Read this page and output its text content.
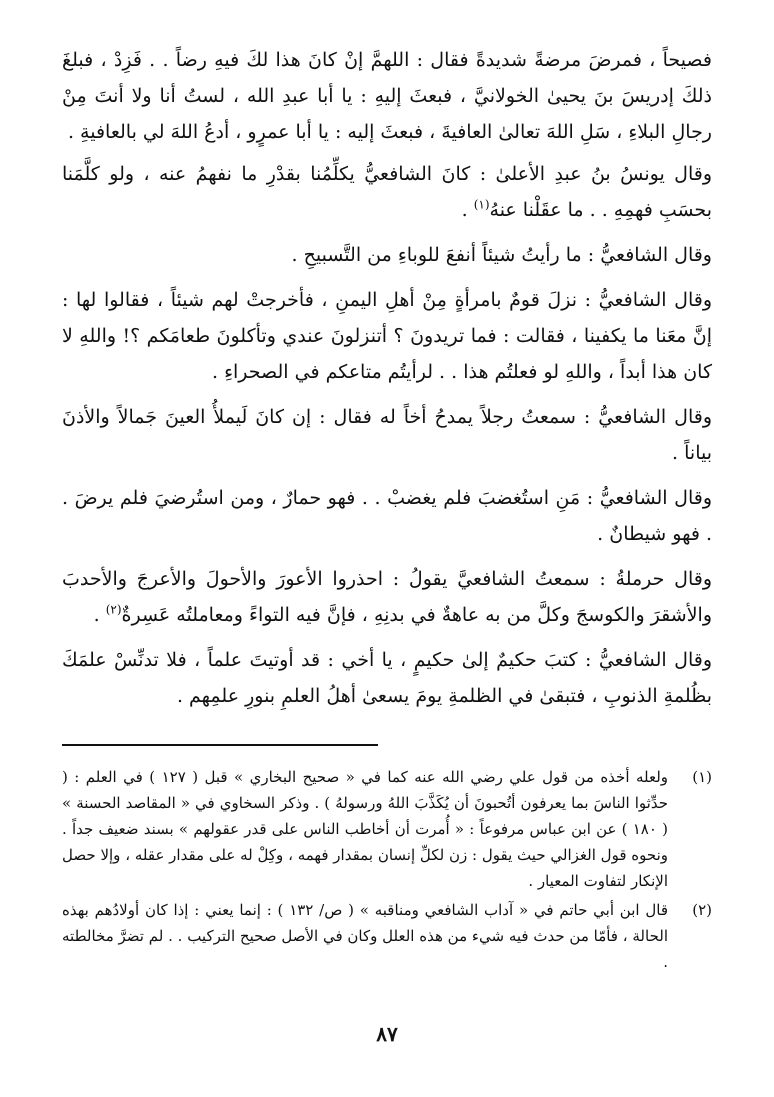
فصيحاً ، فمرضَ مرضةً شديدةً فقال : اللهمَّ إنْ كانَ هذا لكَ فيهِ رضاً . . فَزِدْ ، فبلغَ ذلكَ إدريسَ بنَ يحيىٰ الخولانيَّ ، فبعثَ إليهِ : يا أبا عبدِ الله ، لستُ أنا ولا أنتَ مِنْ رجالِ البلاءِ ، سَلِ اللهَ تعالىٰ العافيةَ ، فبعثَ إليه : يا أبا عمرٍو ، أدعُ اللهَ لي بالعافيةِ .

وقال يونسُ بنُ عبدِ الأعلىٰ : كانَ الشافعيُّ يكلِّمُنا بقدْرِ ما نفهمُ عنه ، ولو كلَّمَنا بحسَبِ فهمِهِ . . ما عقَلْنا عنهُ$^{(١)}$ .

وقال الشافعيُّ : ما رأيتُ شيئاً أنفعَ للوباءِ من التَّسبيحِ .

وقال الشافعيُّ : نزلَ قومٌ بامرأةٍ مِنْ أهلِ اليمنِ ، فأخرجتْ لهم شيئاً ، فقالوا لها : إنَّ معَنا ما يكفينا ، فقالت : فما تريدونَ ؟ أتنزلونَ عندي وتأكلونَ طعامَكم ؟! واللهِ لا كان هذا أبداً ، واللهِ لو فعلتُم هذا . . لرأيتُم متاعكم في الصحراءِ .

وقال الشافعيُّ : سمعتُ رجلاً يمدحُ أخاً له فقال : إن كانَ لَيملأُ العينَ جَمالاً والأذنَ بياناً .

وقال الشافعيُّ : مَنِ استُغضبَ فلم يغضبْ . . فهو حمارٌ ، ومن استُرضيَ فلم يرضَ . . فهو شيطانٌ .

وقال حرملةُ : سمعتُ الشافعيَّ يقولُ : احذروا الأعورَ والأحولَ والأعرجَ والأحدبَ والأشقرَ والكوسجَ وكلَّ من به عاهةٌ في بدنِهِ ، فإنَّ فيه التواءً ومعاملتُه عَسِرةٌ$^{(٢)}$ .

وقال الشافعيُّ : كتبَ حكيمٌ إلىٰ حكيمٍ ، يا أخي : قد أوتيتَ علماً ، فلا تدنِّسْ علمَكَ بظُلمةِ الذنوبِ ، فتبقىٰ في الظلمةِ يومَ يسعىٰ أهلُ العلمِ بنورِ علمِهم .

(١)
ولعله أخذه من قول علي رضي الله عنه كما في « صحيح البخاري » قبل ( ١٢٧ ) في العلم : ( حدِّثوا الناسَ بما يعرفون أتُحبونَ أن يُكَذَّبَ اللهُ ورسولهُ ) . وذكر السخاوي في « المقاصد الحسنة » ( ١٨٠ ) عن ابن عباس مرفوعاً : « أُمرت أن أخاطب الناس على قدر عقولهم » بسند ضعيف جداً . ونحوه قول الغزالي حيث يقول : زن لكلِّ إنسان بمقدار فهمه ، وكِلْ له على مقدار عقله ، وإلا حصل الإنكار لتفاوت المعيار .
(٢)
قال ابن أبي حاتم في « آداب الشافعي ومناقبه » ( ص/ ١٣٢ ) : إنما يعني : إذا كان أولادُهم بهذه الحالة ، فأمّا من حدث فيه شيء من هذه العلل وكان في الأصل صحيح التركيب . . لم تضرَّ مخالطته .
٨٧
